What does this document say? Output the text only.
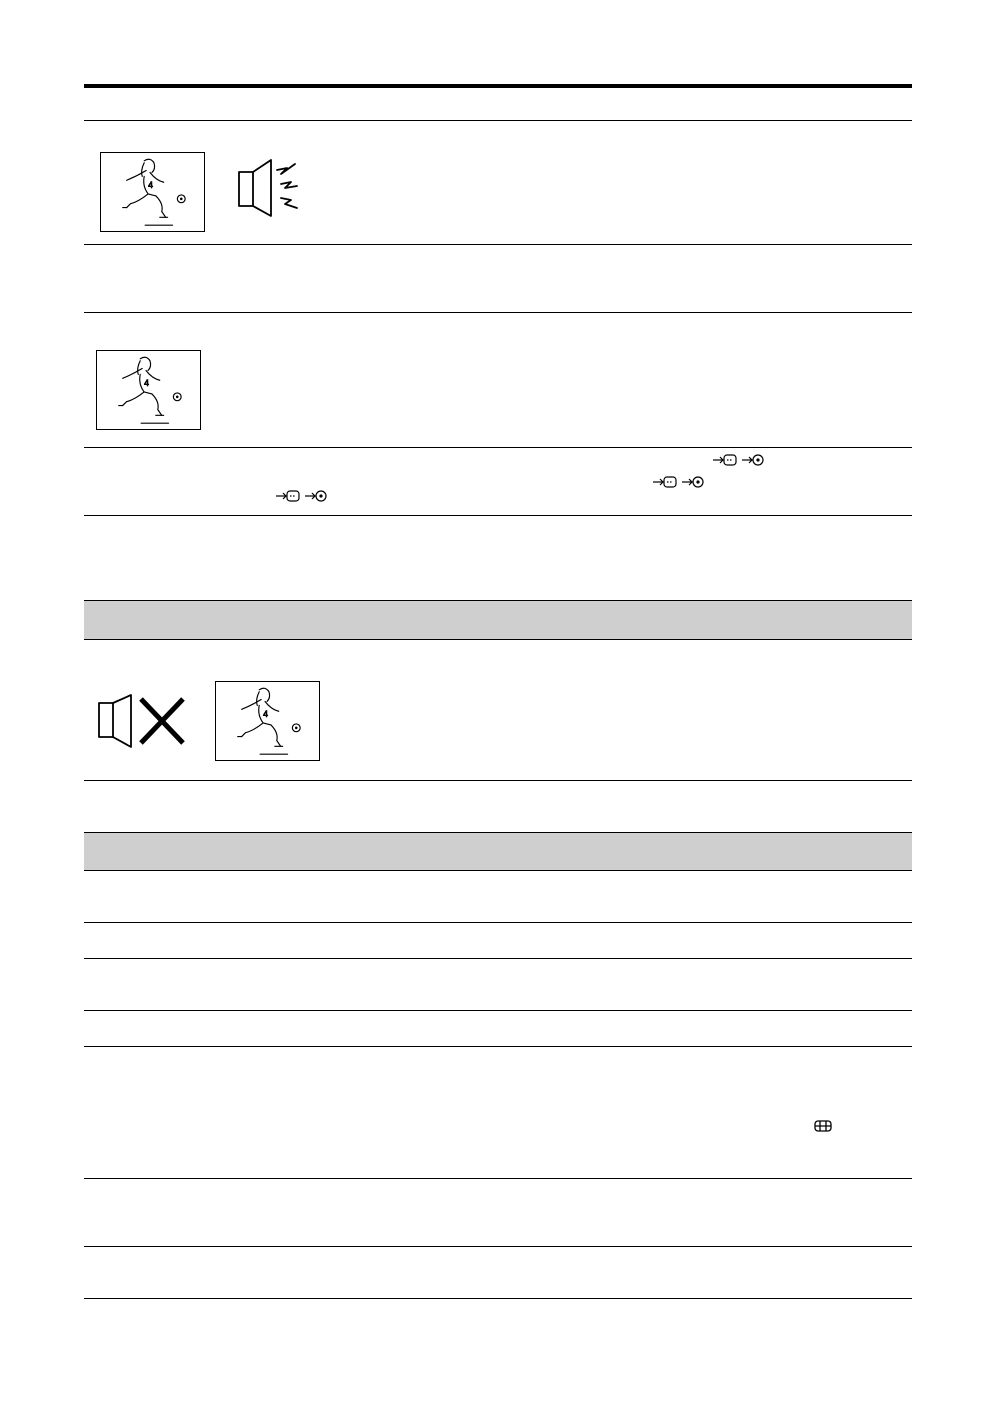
4
4
4
